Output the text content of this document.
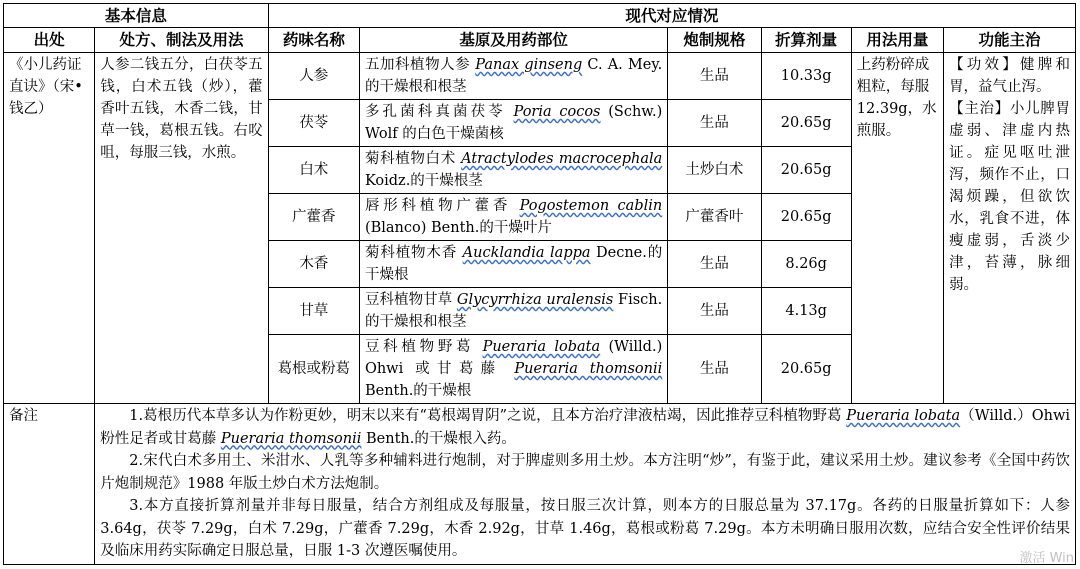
基本信息		现代对应情况					
出处	处方、制法及用法	药味名称	基原及用药部位	炮制规格	折算剂量	用法用量	功能主治
《小儿药证直诀》（宋•钱乙）	人参二钱五分，白茯苓五钱，白术五钱（炒），藿香叶五钱，木香二钱，甘草一钱，葛根五钱。右㕮咀，每服三钱，水煎。	人参	五加科植物人参 Panax ginseng C. A. Mey.的干燥根和根茎	生品	10.33g	上药粉碎成粗粒，每服 12.39g，水煎服。	【功效】健脾和胃，益气止泻。
【主治】小儿脾胃虚弱、津虚内热证。症见呕吐泄泻，频作不止，口渴烦躁，但欲饮水，乳食不进，体瘦虚弱，舌淡少津，苔薄，脉细弱。
		茯苓	多孔菌科真菌茯苓 Poria cocos (Schw.) Wolf 的白色干燥菌核	生品	20.65g		
		白术	菊科植物白术 Atractylodes macrocephala Koidz.的干燥根茎	土炒白术	20.65g		
		广藿香	唇形科植物广藿香 Pogostemon cablin (Blanco) Benth.的干燥叶片	广藿香叶	20.65g		
		木香	菊科植物木香 Aucklandia lappa Decne.的干燥根	生品	8.26g		
		甘草	豆科植物甘草 Glycyrrhiza uralensis Fisch.的干燥根和根茎	生品	4.13g		
		葛根或粉葛	豆科植物野葛 Pueraria lobata (Willd.) Ohwi 或甘葛藤 Pueraria thomsonii Benth.的干燥根	生品	20.65g		
备注	1.葛根历代本草多认为作粉更妙，明末以来有“葛根竭胃阴”之说，且本方治疗津液枯竭，因此推荐豆科植物野葛 Pueraria lobata（Willd.）Ohwi 粉性足者或甘葛藤 Pueraria thomsonii Benth.的干燥根入药。

2.宋代白术多用土、米泔水、人乳等多种辅料进行炮制，对于脾虚则多用土炒。本方注明“炒”，有鉴于此，建议采用土炒。建议参考《全国中药饮片炮制规范》1988 年版土炒白术方法炮制。

3.本方直接折算剂量并非每日服量，结合方剂组成及每服量，按日服三次计算，则本方的日服总量为 37.17g。各药的日服量折算如下：人参 3.64g，茯苓 7.29g，白术 7.29g，广藿香 7.29g，木香 2.92g，甘草 1.46g，葛根或粉葛 7.29g。本方未明确日服用次数，应结合安全性评价结果及临床用药实际确定日服总量，日服 1-3 次遵医嘱使用。							激活 Win
